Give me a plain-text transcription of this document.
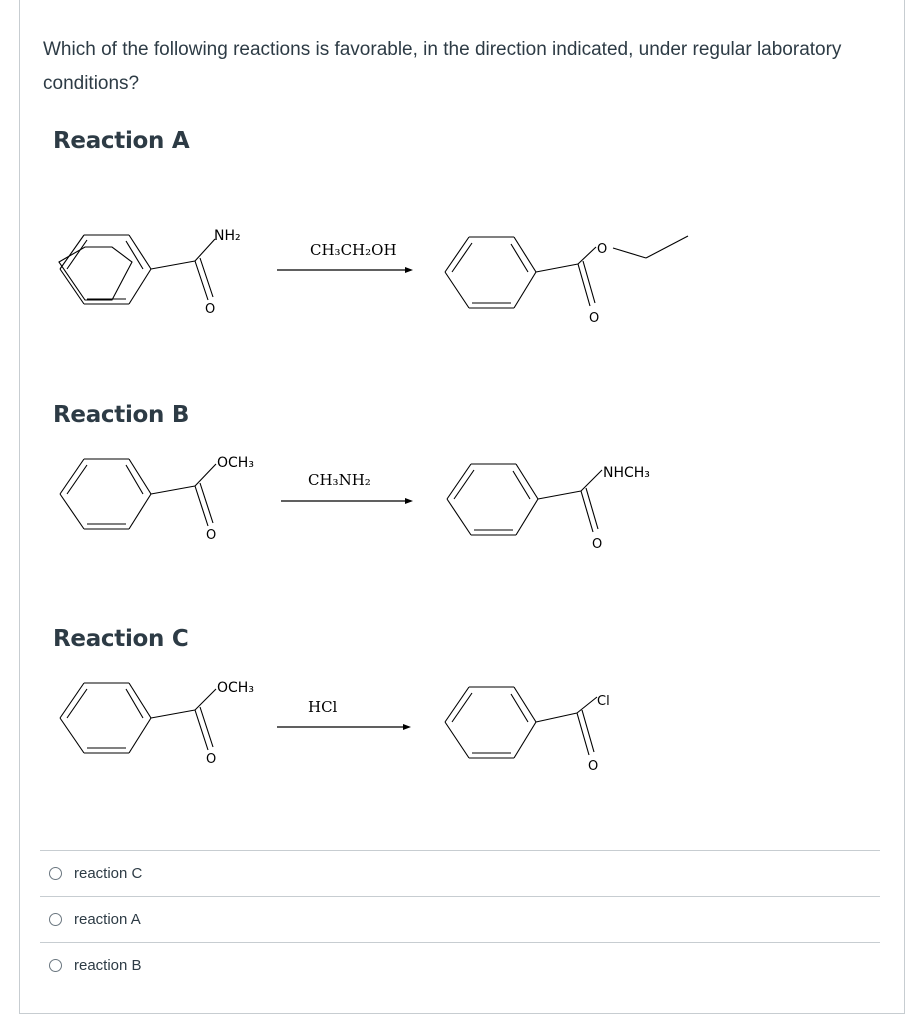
Which of the following reactions is favorable, in the direction indicated, under regular laboratory conditions?
Reaction A
NH₂
O
CH₃CH₂OH	O
O
Reaction B
OCH₃
O
CH₃NH₂	NHCH₃
O
Reaction C
OCH₃
O
HCl	Cl
O
reaction C
reaction A
reaction B
